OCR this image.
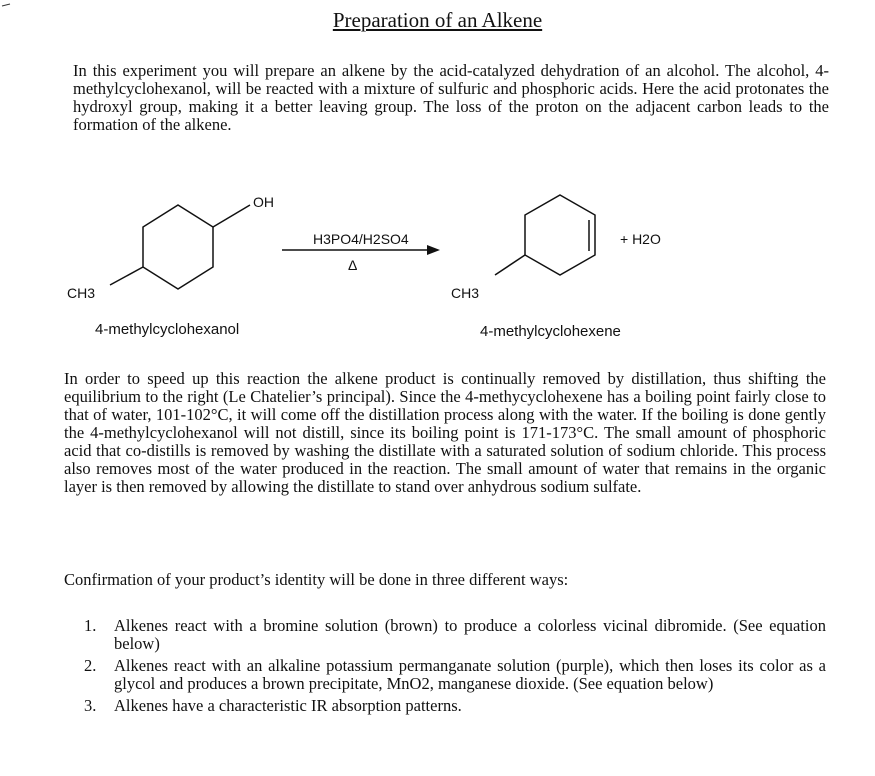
Preparation of an Alkene

In this experiment you will prepare an alkene by the acid-catalyzed dehydration of an alcohol. The alcohol, 4-methylcyclohexanol, will be reacted with a mixture of sulfuric and phosphoric acids. Here the acid protonates the hydroxyl group, making it a better leaving group. The loss of the proton on the adjacent carbon leads to the formation of the alkene.

OH
CH3
H3PO4/H2SO4
Δ
CH3
+ H2O
4-methylcyclohexanol	4-methylcyclohexene

In order to speed up this reaction the alkene product is continually removed by distillation, thus shifting the equilibrium to the right (Le Chatelier’s principal). Since the 4-methycyclohexene has a boiling point fairly close to that of water, 101-102°C, it will come off the distillation process along with the water. If the boiling is done gently the 4-methylcyclohexanol will not distill, since its boiling point is 171-173°C. The small amount of phosphoric acid that co-distills is removed by washing the distillate with a saturated solution of sodium chloride. This process also removes most of the water produced in the reaction. The small amount of water that remains in the organic layer is then removed by allowing the distillate to stand over anhydrous sodium sulfate.

Confirmation of your product’s identity will be done in three different ways:

1. Alkenes react with a bromine solution (brown) to produce a colorless vicinal dibromide. (See equation below)
2. Alkenes react with an alkaline potassium permanganate solution (purple), which then loses its color as a glycol and produces a brown precipitate, MnO2, manganese dioxide. (See equation below)
3. Alkenes have a characteristic IR absorption patterns.
